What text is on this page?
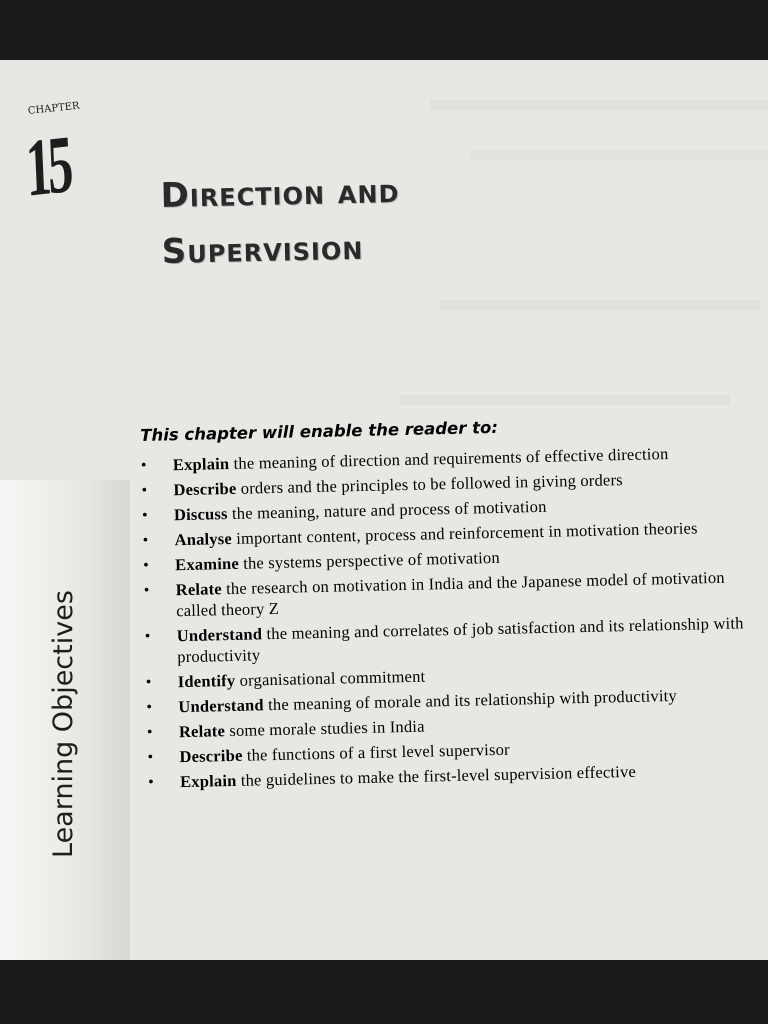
CHAPTER
15	Direction and
Supervision
Learning Objectives
This chapter will enable the reader to:
• Explain the meaning of direction and requirements of effective direction
• Describe orders and the principles to be followed in giving orders
• Discuss the meaning, nature and process of motivation
• Analyse important content, process and reinforcement in motivation theories
• Examine the systems perspective of motivation
• Relate the research on motivation in India and the Japanese model of motivation called theory Z
• Understand the meaning and correlates of job satisfaction and its relationship with productivity
• Identify organisational commitment
• Understand the meaning of morale and its relationship with productivity
• Relate some morale studies in India
• Describe the functions of a first level supervisor
• Explain the guidelines to make the first-level supervision effective
